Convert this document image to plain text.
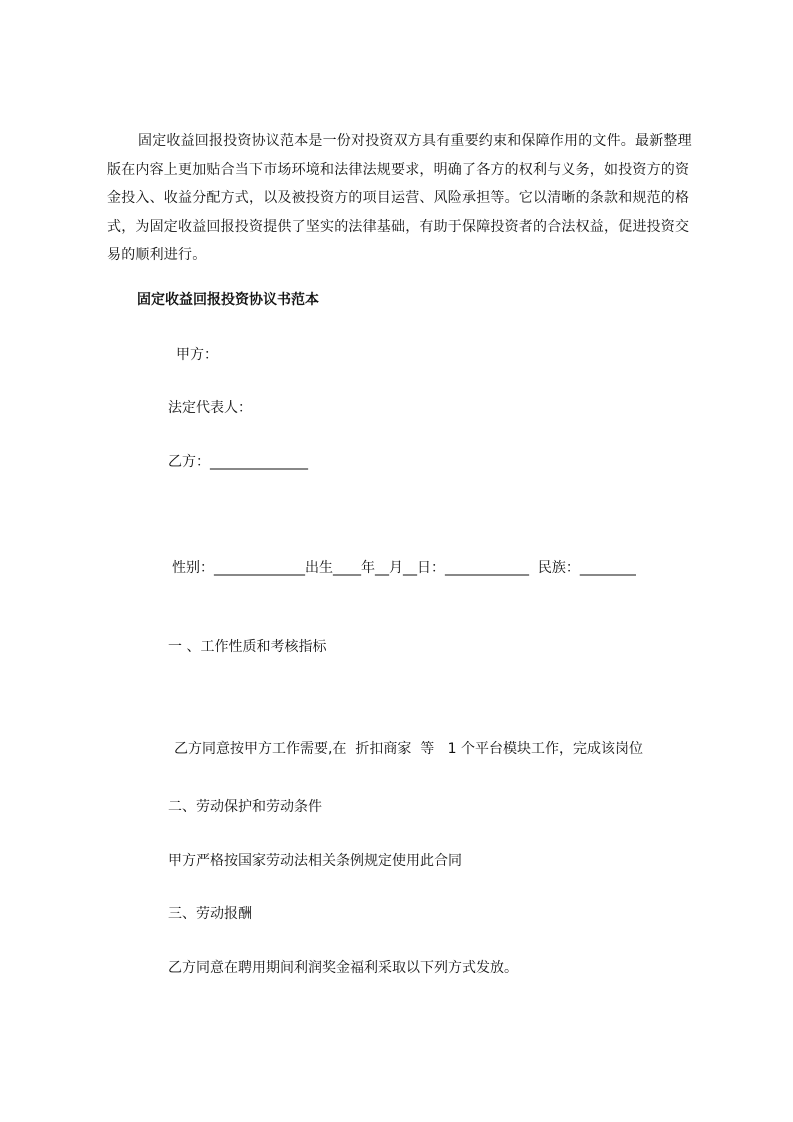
固定收益回报投资协议范本是一份对投资双方具有重要约束和保障作用的文件。最新整理版在内容上更加贴合当下市场环境和法律法规要求，明确了各方的权利与义务，如投资方的资金投入、收益分配方式，以及被投资方的项目运营、风险承担等。它以清晰的条款和规范的格式，为固定收益回报投资提供了坚实的法律基础，有助于保障投资者的合法权益，促进投资交易的顺利进行。

固定收益回报投资协议书范本

甲方：

法定代表人：

乙方：______________

性别：_____________出生____年__月__日：____________  民族：________

一 、工作性质和考核指标

乙方同意按甲方工作需要,在  折扣商家  等   1 个平台模块工作，完成该岗位

二、劳动保护和劳动条件

甲方严格按国家劳动法相关条例规定使用此合同

三、劳动报酬

乙方同意在聘用期间利润奖金福利采取以下列方式发放。
